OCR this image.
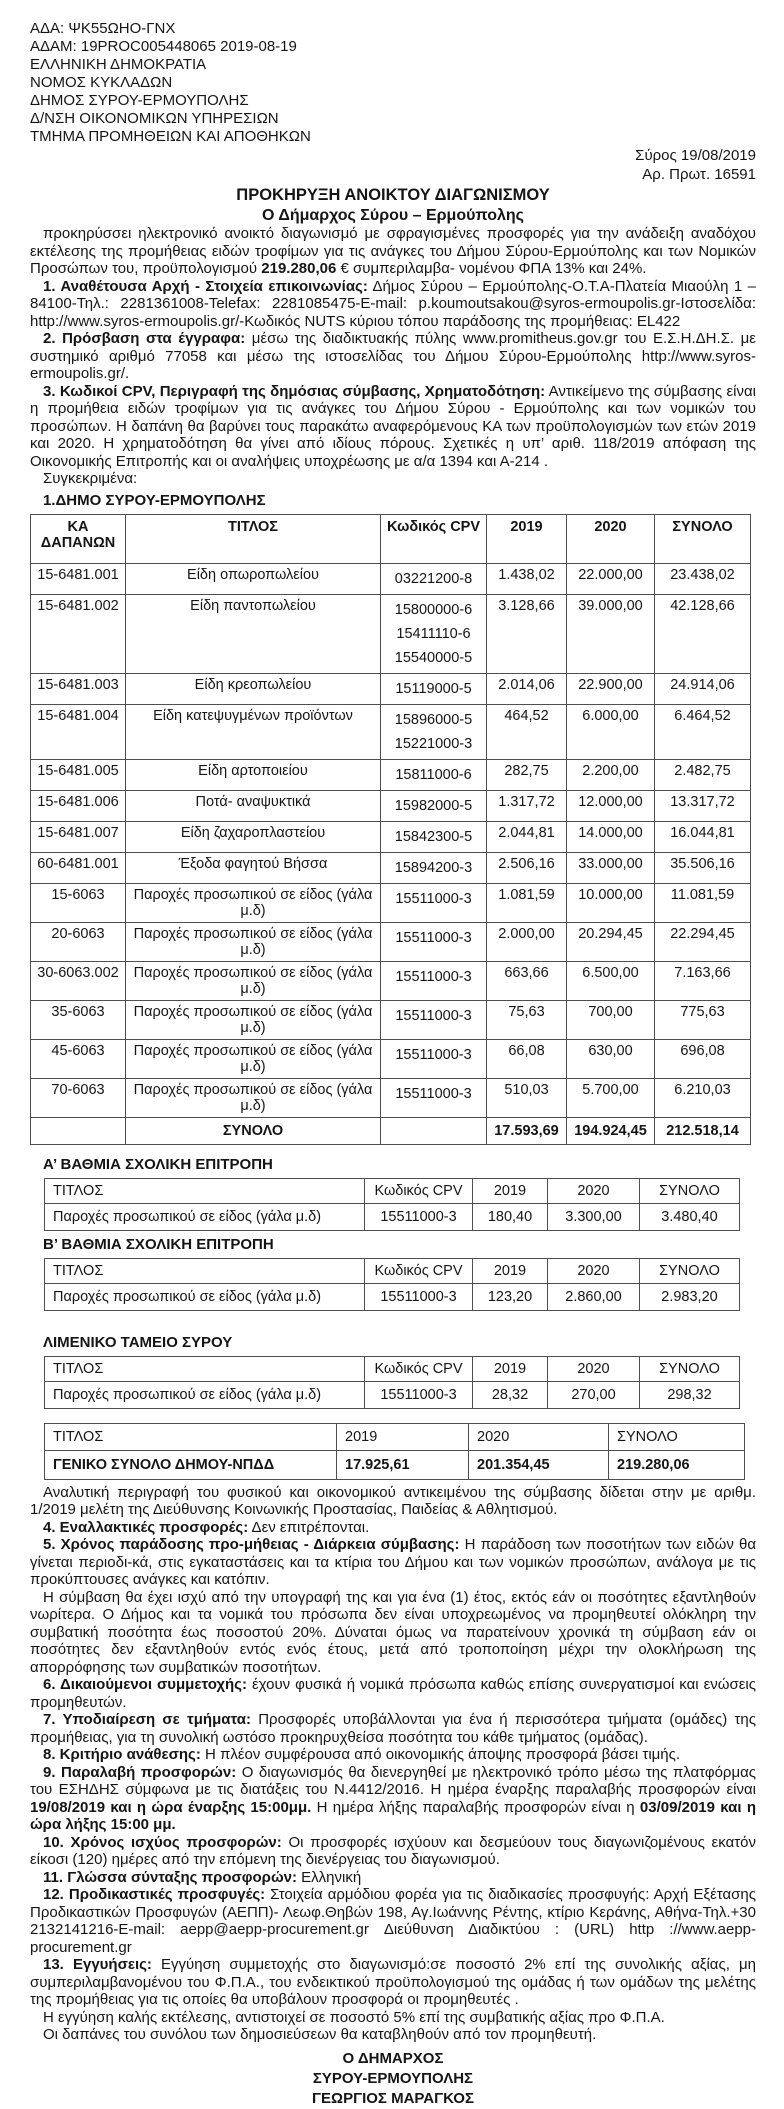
ΑΔΑ: ΨΚ55ΩΗΟ-ΓΝΧ
ΑΔΑΜ: 19PROC005448065 2019-08-19
ΕΛΛΗΝΙΚΗ ΔΗΜΟΚΡΑΤΙΑ
ΝΟΜΟΣ ΚΥΚΛΑΔΩΝ
ΔΗΜΟΣ ΣΥΡΟΥ-ΕΡΜΟΥΠΟΛΗΣ
Δ/ΝΣΗ ΟΙΚΟΝΟΜΙΚΩΝ ΥΠΗΡΕΣΙΩΝ
ΤΜΗΜΑ ΠΡΟΜΗΘΕΙΩΝ ΚΑΙ ΑΠΟΘΗΚΩΝ
Σύρος 19/08/2019
Αρ. Πρωτ. 16591
ΠΡΟΚΗΡΥΞΗ ΑΝΟΙΚΤΟΥ ΔΙΑΓΩΝΙΣΜΟΥ
Ο Δήμαρχος Σύρου – Ερμούπολης

προκηρύσσει ηλεκτρονικό ανοικτό διαγωνισμό με σφραγισμένες προσφορές για την ανάδειξη αναδόχου εκτέλεσης της προμήθειας ειδών τροφίμων για τις ανάγκες του Δήμου Σύρου-Ερμούπολης και των Νομικών Προσώπων του, προϋπολογισμού 219.280,06 € συμπεριλαμβα- νομένου ΦΠΑ 13% και 24%.

1. Αναθέτουσα Αρχή - Στοιχεία επικοινωνίας: Δήμος Σύρου – Ερμούπολης-Ο.Τ.Α-Πλατεία Μιαούλη 1 –84100-Τηλ.: 2281361008-Telefax: 2281085475-E-mail: p.koumoutsakou@syros-ermoupolis.gr-Ιστοσελίδα: http://www.syros-ermoupolis.gr/-Κωδικός NUTS κύριου τόπου παράδοσης της προμήθειας: EL422

2. Πρόσβαση στα έγγραφα: μέσω της διαδικτυακής πύλης www.promitheus.gov.gr του Ε.Σ.Η.ΔΗ.Σ. με συστημικό αριθμό 77058 και μέσω της ιστοσελίδας του Δήμου Σύρου-Ερμούπολης http://www.syros-ermoupolis.gr/.

3. Κωδικοί CPV, Περιγραφή της δημόσιας σύμβασης, Χρηματοδότηση: Αντικείμενο της σύμβασης είναι η προμήθεια ειδών τροφίμων για τις ανάγκες του Δήμου Σύρου - Ερμούπολης και των νομικών του προσώπων. Η δαπάνη θα βαρύνει τους παρακάτω αναφερόμενους ΚΑ των προϋπολογισμών των ετών 2019 και 2020. Η χρηματοδότηση θα γίνει από ιδίους πόρους. Σχετικές η υπ’ αριθ. 118/2019 απόφαση της Οικονομικής Επιτροπής και οι αναλήψεις υποχρέωσης με α/α 1394 και Α-214 .

Συγκεκριμένα:

1.ΔΗΜΟ ΣΥΡΟΥ-ΕΡΜΟΥΠΟΛΗΣ
ΚΑ ΔΑΠΑΝΩΝ	ΤΙΤΛΟΣ	Κωδικός CPV	2019	2020	ΣΥΝΟΛΟ
15-6481.001	Είδη οπωροπωλείου	03221200-8	1.438,02	22.000,00	23.438,02
15-6481.002	Είδη παντοπωλείου	15800000-6
15411110-6
15540000-5	3.128,66	39.000,00	42.128,66
15-6481.003	Είδη κρεοπωλείου	15119000-5	2.014,06	22.900,00	24.914,06
15-6481.004	Είδη κατεψυγμένων προϊόντων	15896000-5
15221000-3	464,52	6.000,00	6.464,52
15-6481.005	Είδη αρτοποιείου	15811000-6	282,75	2.200,00	2.482,75
15-6481.006	Ποτά- αναψυκτικά	15982000-5	1.317,72	12.000,00	13.317,72
15-6481.007	Είδη ζαχαροπλαστείου	15842300-5	2.044,81	14.000,00	16.044,81
60-6481.001	Έξοδα φαγητού Βήσσα	15894200-3	2.506,16	33.000,00	35.506,16
15-6063	Παροχές προσωπικού σε είδος (γάλα μ.δ)	15511000-3	1.081,59	10.000,00	11.081,59
20-6063	Παροχές προσωπικού σε είδος (γάλα μ.δ)	15511000-3	2.000,00	20.294,45	22.294,45
30-6063.002	Παροχές προσωπικού σε είδος (γάλα μ.δ)	15511000-3	663,66	6.500,00	7.163,66
35-6063	Παροχές προσωπικού σε είδος (γάλα μ.δ)	15511000-3	75,63	700,00	775,63
45-6063	Παροχές προσωπικού σε είδος (γάλα μ.δ)	15511000-3	66,08	630,00	696,08
70-6063	Παροχές προσωπικού σε είδος (γάλα μ.δ)	15511000-3	510,03	5.700,00	6.210,03
	ΣΥΝΟΛΟ		17.593,69	194.924,45	212.518,14
Α’ ΒΑΘΜΙΑ ΣΧΟΛΙΚΗ ΕΠΙΤΡΟΠΗ
ΤΙΤΛΟΣ	Κωδικός CPV	2019	2020	ΣΥΝΟΛΟ
Παροχές προσωπικού σε είδος (γάλα μ.δ)	15511000-3	180,40	3.300,00	3.480,40
Β’ ΒΑΘΜΙΑ ΣΧΟΛΙΚΗ ΕΠΙΤΡΟΠΗ
ΤΙΤΛΟΣ	Κωδικός CPV	2019	2020	ΣΥΝΟΛΟ
Παροχές προσωπικού σε είδος (γάλα μ.δ)	15511000-3	123,20	2.860,00	2.983,20
ΛΙΜΕΝΙΚΟ ΤΑΜΕΙΟ ΣΥΡΟΥ
ΤΙΤΛΟΣ	Κωδικός CPV	2019	2020	ΣΥΝΟΛΟ
Παροχές προσωπικού σε είδος (γάλα μ.δ)	15511000-3	28,32	270,00	298,32
ΤΙΤΛΟΣ	2019	2020	ΣΥΝΟΛΟ
ΓΕΝΙΚΟ ΣΥΝΟΛΟ ΔΗΜΟΥ-ΝΠΔΔ	17.925,61	201.354,45	219.280,06

Αναλυτική περιγραφή του φυσικού και οικονομικού αντικειμένου της σύμβασης δίδεται στην με αριθμ. 1/2019 μελέτη της Διεύθυνσης Κοινωνικής Προστασίας, Παιδείας & Αθλητισμού.

4. Εναλλακτικές προσφορές: Δεν επιτρέπονται.

5. Χρόνος παράδοσης προ-μήθειας - Διάρκεια σύμβασης: Η παράδοση των ποσοτήτων των ειδών θα γίνεται περιοδι-κά, στις εγκαταστάσεις και τα κτίρια του Δήμου και των νομικών προσώπων, ανάλογα με τις προκύπτουσες ανάγκες και κατόπιν.

Η σύμβαση θα έχει ισχύ από την υπογραφή της και για ένα (1) έτος, εκτός εάν οι ποσότητες εξαντληθούν νωρίτερα. Ο Δήμος και τα νομικά του πρόσωπα δεν είναι υποχρεωμένος να προμηθευτεί ολόκληρη την συμβατική ποσότητα έως ποσοστού 20%. Δύναται όμως να παρατείνουν χρονικά τη σύμβαση εάν οι ποσότητες δεν εξαντληθούν εντός ενός έτους, μετά από τροποποίηση μέχρι την ολοκλήρωση της απορρόφησης των συμβατικών ποσοτήτων.

6. Δικαιούμενοι συμμετοχής: έχουν φυσικά ή νομικά πρόσωπα καθώς επίσης συνεργατισμοί και ενώσεις προμηθευτών.

7. Υποδιαίρεση σε τμήματα: Προσφορές υποβάλλονται για ένα ή περισσότερα τμήματα (ομάδες) της προμήθειας, για τη συνολική ωστόσο προκηρυχθείσα ποσότητα του κάθε τμήματος (ομάδας).

8. Κριτήριο ανάθεσης: Η πλέον συμφέρουσα από οικονομικής άποψης προσφορά βάσει τιμής.

9. Παραλαβή προσφορών: Ο διαγωνισμός θα διενεργηθεί με ηλεκτρονικό τρόπο μέσω της πλατφόρμας του ΕΣΗΔΗΣ σύμφωνα με τις διατάξεις του Ν.4412/2016. Η ημέρα έναρξης παραλαβής προσφορών είναι 19/08/2019 και η ώρα έναρξης 15:00μμ. Η ημέρα λήξης παραλαβής προσφορών είναι η 03/09/2019 και η ώρα λήξης 15:00 μμ.

10. Χρόνος ισχύος προσφορών: Οι προσφορές ισχύουν και δεσμεύουν τους διαγωνιζομένους εκατόν είκοσι (120) ημέρες από την επόμενη της διενέργειας του διαγωνισμού.

11. Γλώσσα σύνταξης προσφορών: Ελληνική

12. Προδικαστικές προσφυγές: Στοιχεία αρμόδιου φορέα για τις διαδικασίες προσφυγής: Αρχή Εξέτασης Προδικαστικών Προσφυγών (ΑΕΠΠ)- Λεωφ.Θηβών 198, Αγ.Ιωάννης Ρέντης, κτίριο Κεράνης, Αθήνα-Τηλ.+30 2132141216-E-mail: aepp@aepp-procurement.gr Διεύθυνση Διαδικτύου : (URL) http ://www.aepp-procurement.gr

13. Εγγυήσεις: Εγγύηση συμμετοχής στο διαγωνισμό:σε ποσοστό 2% επί της συνολικής αξίας, μη συμπεριλαμβανομένου του Φ.Π.Α., του ενδεικτικού προϋπολογισμού της ομάδας ή των ομάδων της μελέτης της προμήθειας για τις οποίες θα υποβάλουν προσφορά οι προμηθευτές .

Η εγγύηση καλής εκτέλεσης, αντιστοιχεί σε ποσοστό 5% επί της συμβατικής αξίας προ Φ.Π.Α.

Οι δαπάνες του συνόλου των δημοσιεύσεων θα καταβληθούν από τον προμηθευτή.

Ο ΔΗΜΑΡΧΟΣ
ΣΥΡΟΥ-ΕΡΜΟΥΠΟΛΗΣ
ΓΕΩΡΓΙΟΣ ΜΑΡΑΓΚΟΣ
